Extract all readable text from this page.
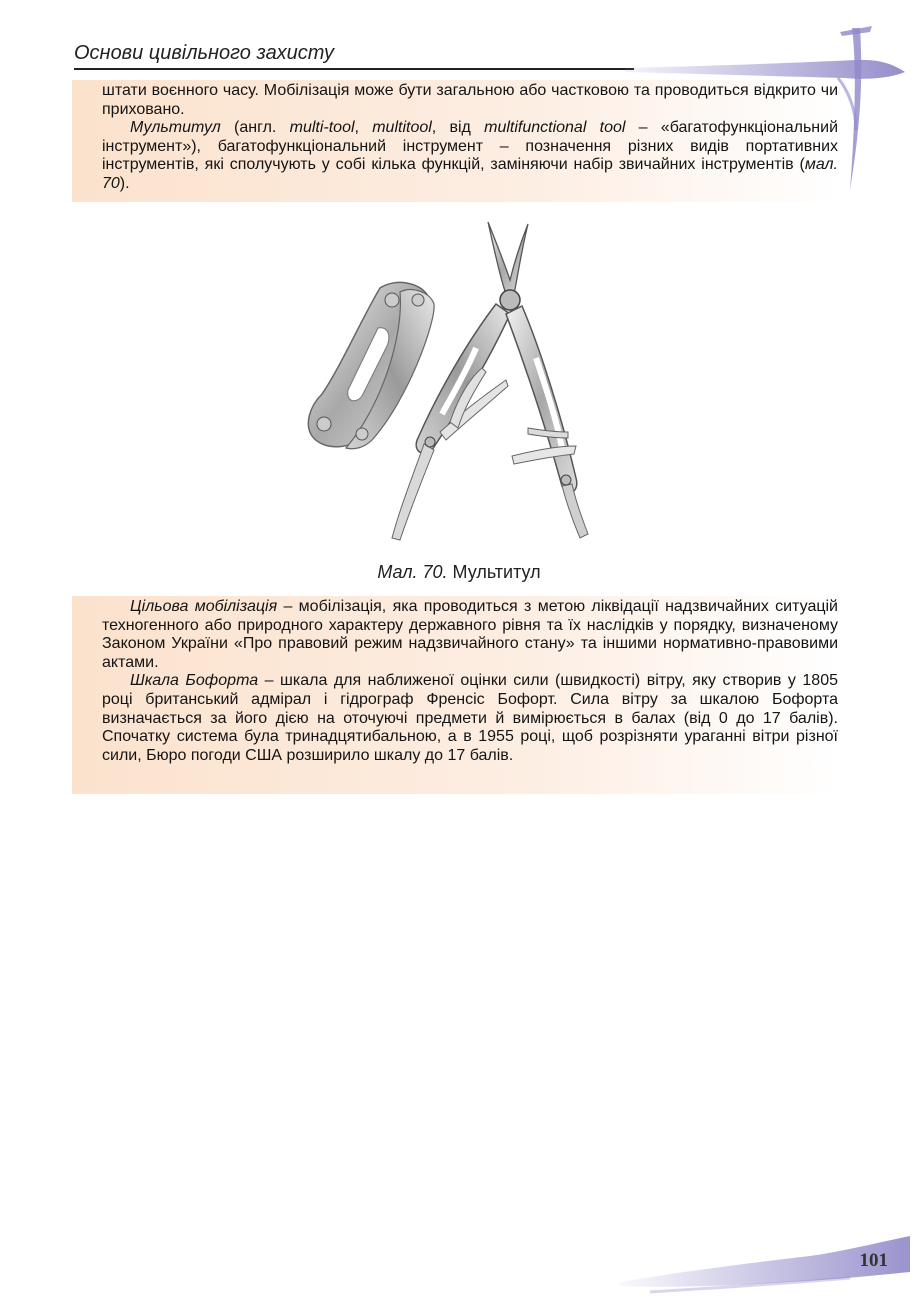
Основи цивільного захисту

штати воєнного часу. Мобілізація може бути загальною або частковою та проводиться відкрито чи приховано.

Мультитул (англ. multi-tool, multitool, від multifunctional tool – «багатофункціональний інструмент»), багатофункціональний інструмент – позначення різних видів портативних інструментів, які сполучують у собі кілька функцій, заміняючи набір звичайних інструментів (мал. 70).

Мал. 70. Мультитул

Цільова мобілізація – мобілізація, яка проводиться з метою ліквідації надзвичайних ситуацій техногенного або природного характеру державного рівня та їх наслідків у порядку, визначеному Законом України «Про правовий режим надзвичайного стану» та іншими нормативно-правовими актами.

Шкала Бофорта – шкала для наближеної оцінки сили (швидкості) вітру, яку створив у 1805 році британський адмірал і гідрограф Френсіс Бофорт. Сила вітру за шкалою Бофорта визначається за його дією на оточуючі предмети й вимірюється в балах (від 0 до 17 балів). Спочатку система була тринадцятибальною, а в 1955 році, щоб розрізняти ураганні вітри різної сили, Бюро погоди США розширило шкалу до 17 балів.

101
